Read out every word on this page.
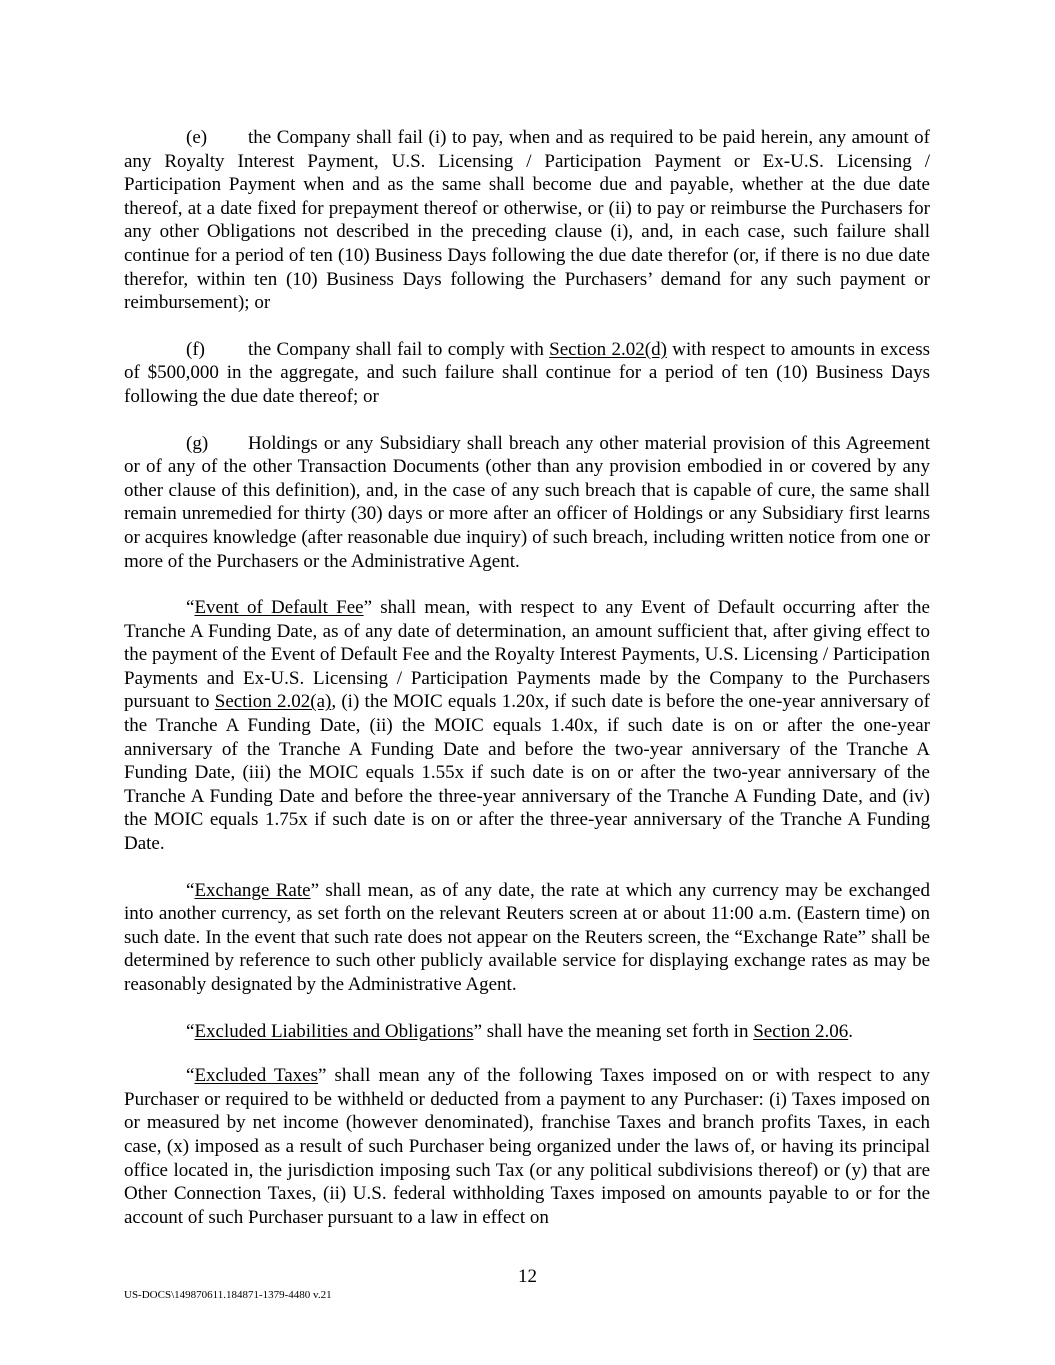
(e) the Company shall fail (i) to pay, when and as required to be paid herein, any amount of any Royalty Interest Payment, U.S. Licensing / Participation Payment or Ex-U.S. Licensing / Participation Payment when and as the same shall become due and payable, whether at the due date thereof, at a date fixed for prepayment thereof or otherwise, or (ii) to pay or reimburse the Purchasers for any other Obligations not described in the preceding clause (i), and, in each case, such failure shall continue for a period of ten (10) Business Days following the due date therefor (or, if there is no due date therefor, within ten (10) Business Days following the Purchasers’ demand for any such payment or reimbursement); or

(f) the Company shall fail to comply with Section 2.02(d) with respect to amounts in excess of $500,000 in the aggregate, and such failure shall continue for a period of ten (10) Business Days following the due date thereof; or

(g) Holdings or any Subsidiary shall breach any other material provision of this Agreement or of any of the other Transaction Documents (other than any provision embodied in or covered by any other clause of this definition), and, in the case of any such breach that is capable of cure, the same shall remain unremedied for thirty (30) days or more after an officer of Holdings or any Subsidiary first learns or acquires knowledge (after reasonable due inquiry) of such breach, including written notice from one or more of the Purchasers or the Administrative Agent.

“Event of Default Fee” shall mean, with respect to any Event of Default occurring after the Tranche A Funding Date, as of any date of determination, an amount sufficient that, after giving effect to the payment of the Event of Default Fee and the Royalty Interest Payments, U.S. Licensing / Participation Payments and Ex-U.S. Licensing / Participation Payments made by the Company to the Purchasers pursuant to Section 2.02(a), (i) the MOIC equals 1.20x, if such date is before the one-year anniversary of the Tranche A Funding Date, (ii) the MOIC equals 1.40x, if such date is on or after the one-year anniversary of the Tranche A Funding Date and before the two-year anniversary of the Tranche A Funding Date, (iii) the MOIC equals 1.55x if such date is on or after the two-year anniversary of the Tranche A Funding Date and before the three-year anniversary of the Tranche A Funding Date, and (iv) the MOIC equals 1.75x if such date is on or after the three-year anniversary of the Tranche A Funding Date.

“Exchange Rate” shall mean, as of any date, the rate at which any currency may be exchanged into another currency, as set forth on the relevant Reuters screen at or about 11:00 a.m. (Eastern time) on such date. In the event that such rate does not appear on the Reuters screen, the “Exchange Rate” shall be determined by reference to such other publicly available service for displaying exchange rates as may be reasonably designated by the Administrative Agent.

“Excluded Liabilities and Obligations” shall have the meaning set forth in Section 2.06.

“Excluded Taxes” shall mean any of the following Taxes imposed on or with respect to any Purchaser or required to be withheld or deducted from a payment to any Purchaser: (i) Taxes imposed on or measured by net income (however denominated), franchise Taxes and branch profits Taxes, in each case, (x) imposed as a result of such Purchaser being organized under the laws of, or having its principal office located in, the jurisdiction imposing such Tax (or any political subdivisions thereof) or (y) that are Other Connection Taxes, (ii) U.S. federal withholding Taxes imposed on amounts payable to or for the account of such Purchaser pursuant to a law in effect on

12
US-DOCS\149870611.184871-1379-4480 v.21
